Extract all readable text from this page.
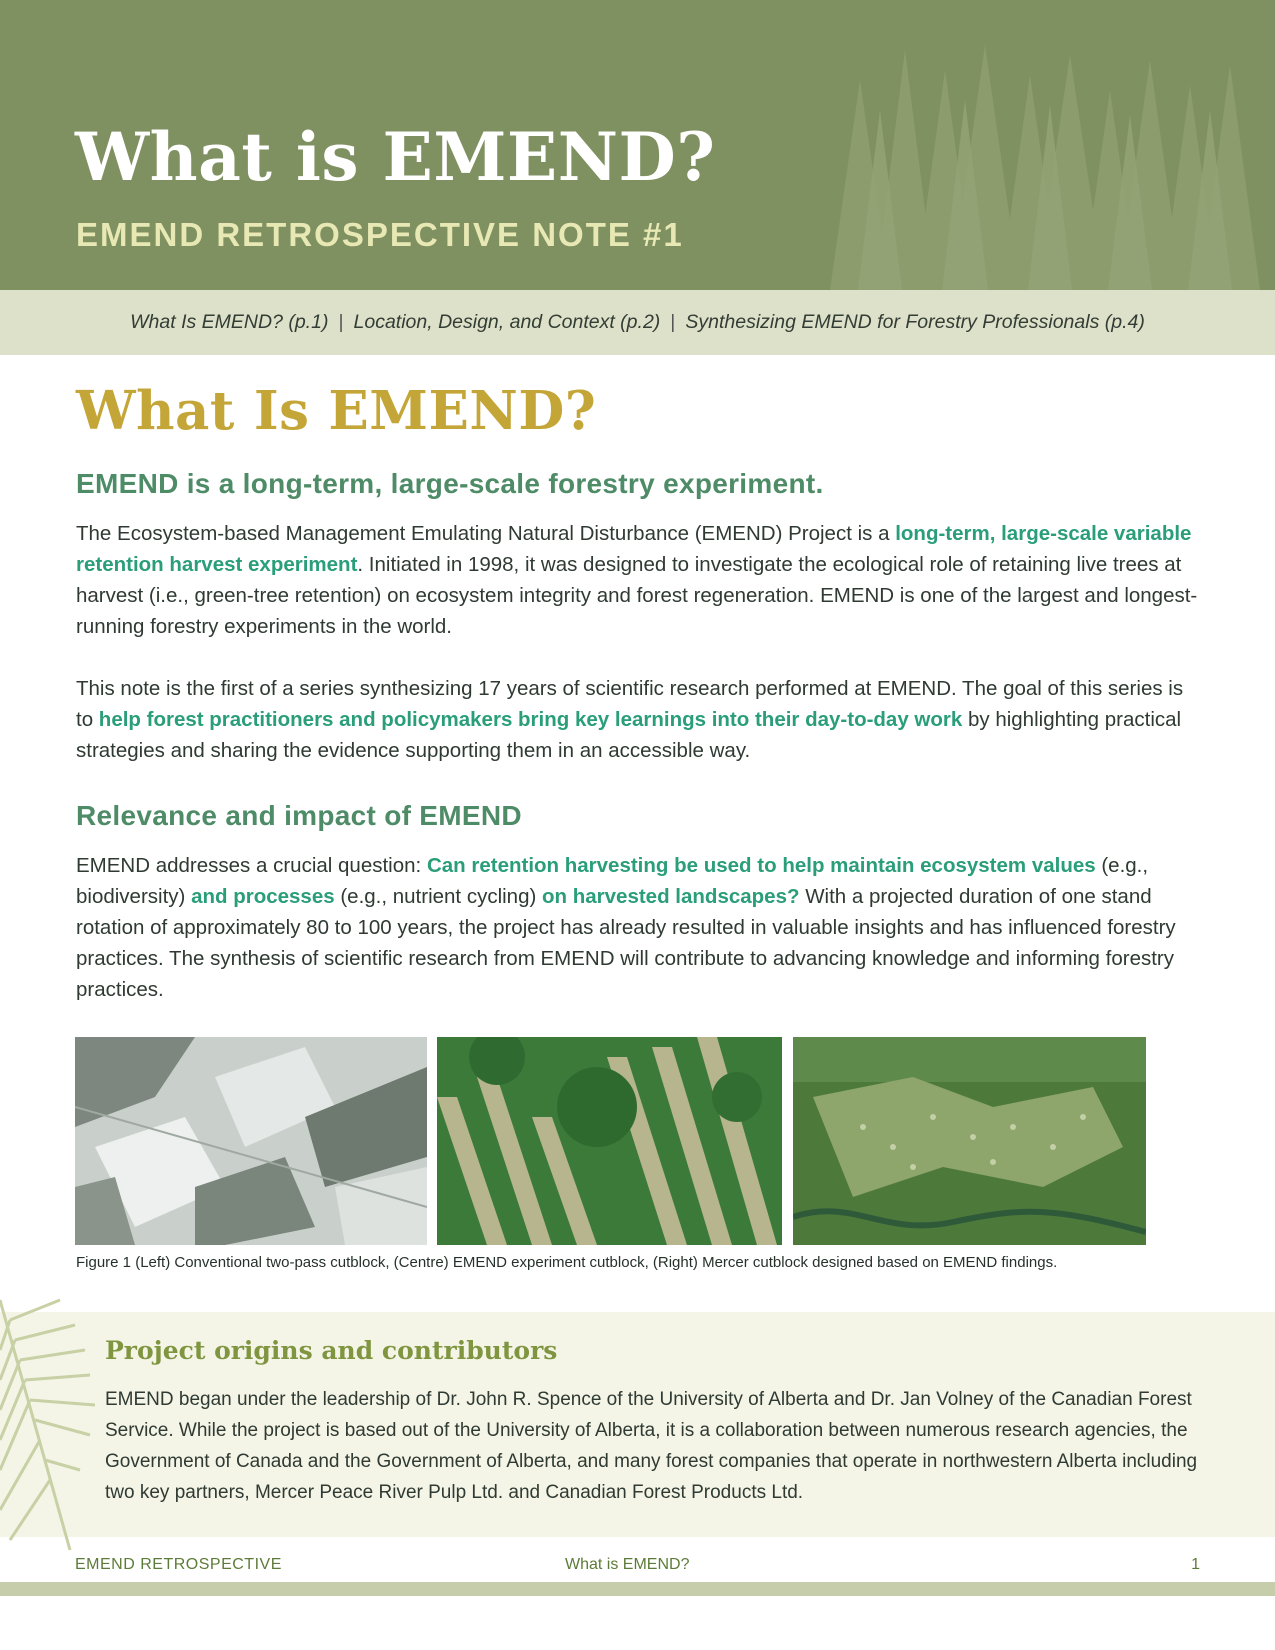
What is EMEND?
EMEND RETROSPECTIVE NOTE #1
What Is EMEND? (p.1) | Location, Design, and Context (p.2) | Synthesizing EMEND for Forestry Professionals (p.4)
What Is EMEND?
EMEND is a long-term, large-scale forestry experiment.

The Ecosystem-based Management Emulating Natural Disturbance (EMEND) Project is a long-term, large-scale variable retention harvest experiment. Initiated in 1998, it was designed to investigate the ecological role of retaining live trees at harvest (i.e., green-tree retention) on ecosystem integrity and forest regeneration. EMEND is one of the largest and longest-running forestry experiments in the world.

This note is the first of a series synthesizing 17 years of scientific research performed at EMEND. The goal of this series is to help forest practitioners and policymakers bring key learnings into their day-to-day work by highlighting practical strategies and sharing the evidence supporting them in an accessible way.

Relevance and impact of EMEND

EMEND addresses a crucial question: Can retention harvesting be used to help maintain ecosystem values (e.g., biodiversity) and processes (e.g., nutrient cycling) on harvested landscapes? With a projected duration of one stand rotation of approximately 80 to 100 years, the project has already resulted in valuable insights and has influenced forestry practices. The synthesis of scientific research from EMEND will contribute to advancing knowledge and informing forestry practices.

Figure 1 (Left) Conventional two-pass cutblock, (Centre) EMEND experiment cutblock, (Right) Mercer cutblock designed based on EMEND findings.
Project origins and contributors

EMEND began under the leadership of Dr. John R. Spence of the University of Alberta and Dr. Jan Volney of the Canadian Forest Service. While the project is based out of the University of Alberta, it is a collaboration between numerous research agencies, the Government of Canada and the Government of Alberta, and many forest companies that operate in northwestern Alberta including two key partners, Mercer Peace River Pulp Ltd. and Canadian Forest Products Ltd.

EMEND RETROSPECTIVE	What is EMEND?	1
